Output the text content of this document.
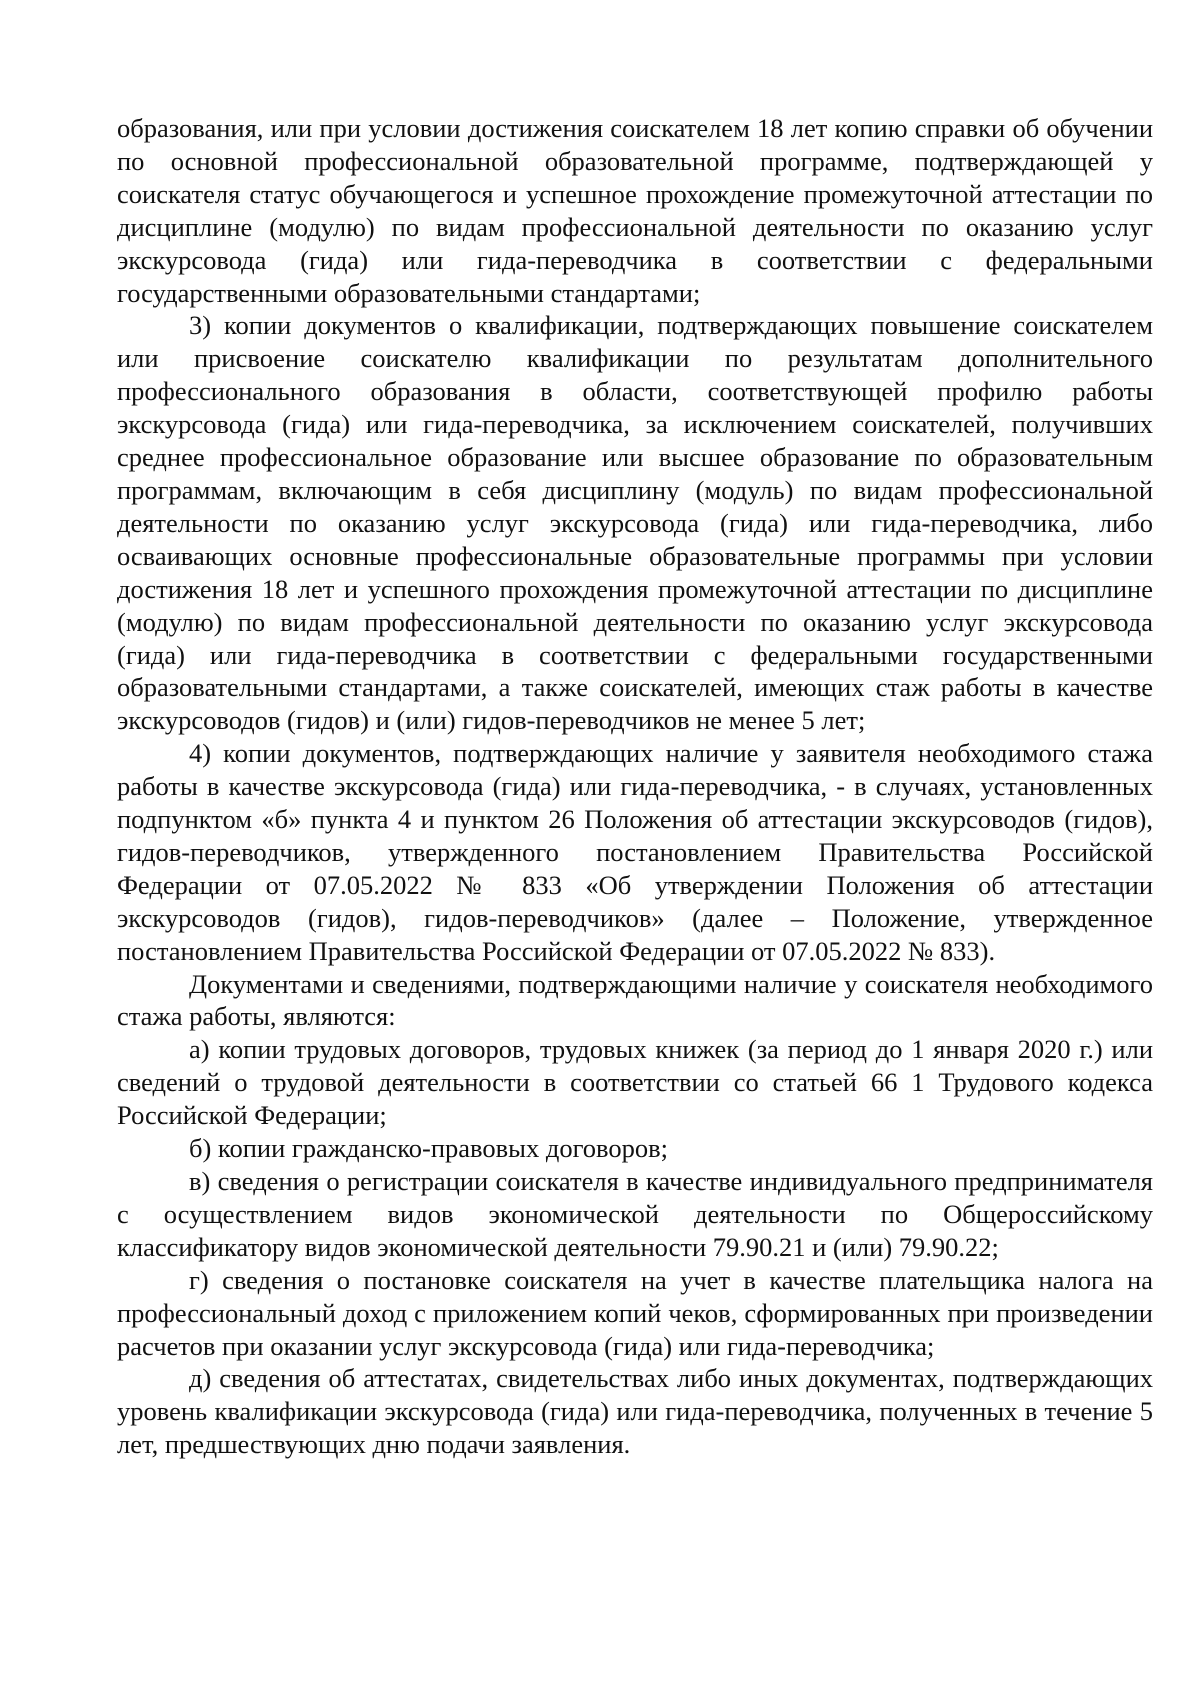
образования, или при условии достижения соискателем 18 лет копию справки об обучении по основной профессиональной образовательной программе, подтверждающей у соискателя статус обучающегося и успешное прохождение промежуточной аттестации по дисциплине (модулю) по видам профессиональной деятельности по оказанию услуг экскурсовода (гида) или гида-переводчика в соответствии с федеральными государственными образовательными стандартами;

3) копии документов о квалификации, подтверждающих повышение соискателем или присвоение соискателю квалификации по результатам дополнительного профессионального образования в области, соответствующей профилю работы экскурсовода (гида) или гида-переводчика, за исключением соискателей, получивших среднее профессиональное образование или высшее образование по образовательным программам, включающим в себя дисциплину (модуль) по видам профессиональной деятельности по оказанию услуг экскурсовода (гида) или гида-переводчика, либо осваивающих основные профессиональные образовательные программы при условии достижения 18 лет и успешного прохождения промежуточной аттестации по дисциплине (модулю) по видам профессиональной деятельности по оказанию услуг экскурсовода (гида) или гида-переводчика в соответствии с федеральными государственными образовательными стандартами, а также соискателей, имеющих стаж работы в качестве экскурсоводов (гидов) и (или) гидов-переводчиков не менее 5 лет;

4) копии документов, подтверждающих наличие у заявителя необходимого стажа работы в качестве экскурсовода (гида) или гида-переводчика, - в случаях, установленных подпунктом «б» пункта 4 и пунктом 26 Положения об аттестации экскурсоводов (гидов), гидов-переводчиков, утвержденного постановлением Правительства Российской Федерации от 07.05.2022 № 833 «Об утверждении Положения об аттестации экскурсоводов (гидов), гидов-переводчиков» (далее – Положение, утвержденное постановлением Правительства Российской Федерации от 07.05.2022 № 833).

Документами и сведениями, подтверждающими наличие у соискателя необходимого стажа работы, являются:

а) копии трудовых договоров, трудовых книжек (за период до 1 января 2020 г.) или сведений о трудовой деятельности в соответствии со статьей 66 1 Трудового кодекса Российской Федерации;

б) копии гражданско-правовых договоров;

в) сведения о регистрации соискателя в качестве индивидуального предпринимателя с осуществлением видов экономической деятельности по Общероссийскому классификатору видов экономической деятельности 79.90.21 и (или) 79.90.22;

г) сведения о постановке соискателя на учет в качестве плательщика налога на профессиональный доход с приложением копий чеков, сформированных при произведении расчетов при оказании услуг экскурсовода (гида) или гида-переводчика;

д) сведения об аттестатах, свидетельствах либо иных документах, подтверждающих уровень квалификации экскурсовода (гида) или гида-переводчика, полученных в течение 5 лет, предшествующих дню подачи заявления.
